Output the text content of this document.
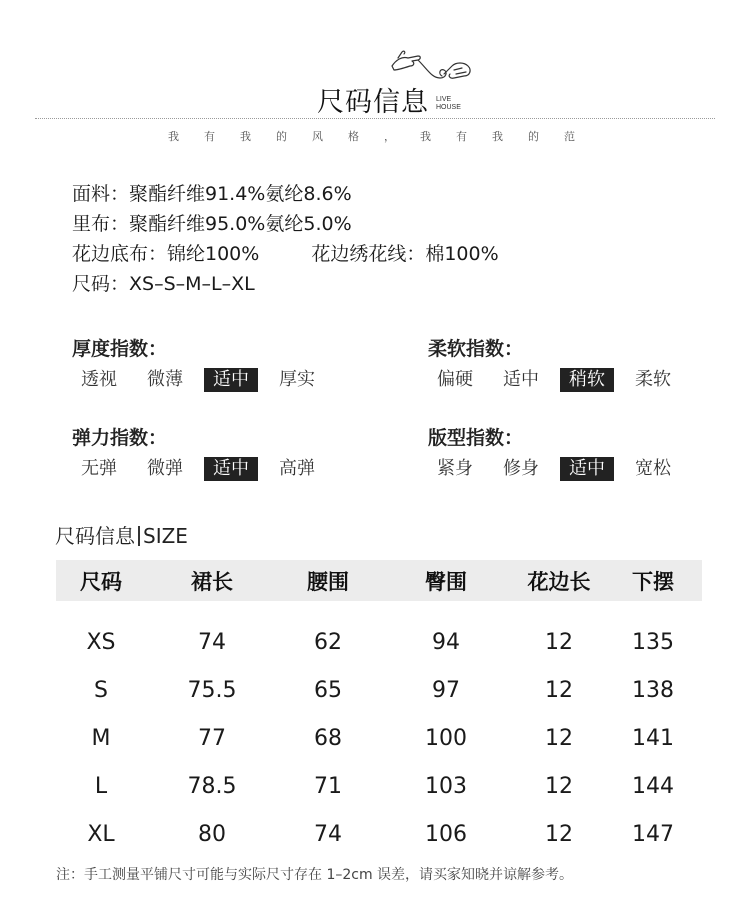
尺码信息 LIVE
HOUSE
我 有 我 的 风 格 ， 我 有 我 的 范
面料：聚酯纤维91.4%氨纶8.6%
里布：聚酯纤维95.0%氨纶5.0%
花边底布：锦纶100%	花边绣花线：棉100%
尺码：XS–S–M–L–XL
厚度指数：
透视	微薄	适中	厚实
柔软指数：
偏硬	适中	稍软	柔软
弹力指数：
无弹	微弹	适中	高弹
版型指数：
紧身	修身	适中	宽松
尺码信息 SIZE
尺码	裙长	腰围	臀围	花边长	下摆
XS	74	62	94	12	135
S	75.5	65	97	12	138
M	77	68	100	12	141
L	78.5	71	103	12	144
XL	80	74	106	12	147
注：手工测量平铺尺寸可能与实际尺寸存在 1–2cm 误差，请买家知晓并谅解参考。
